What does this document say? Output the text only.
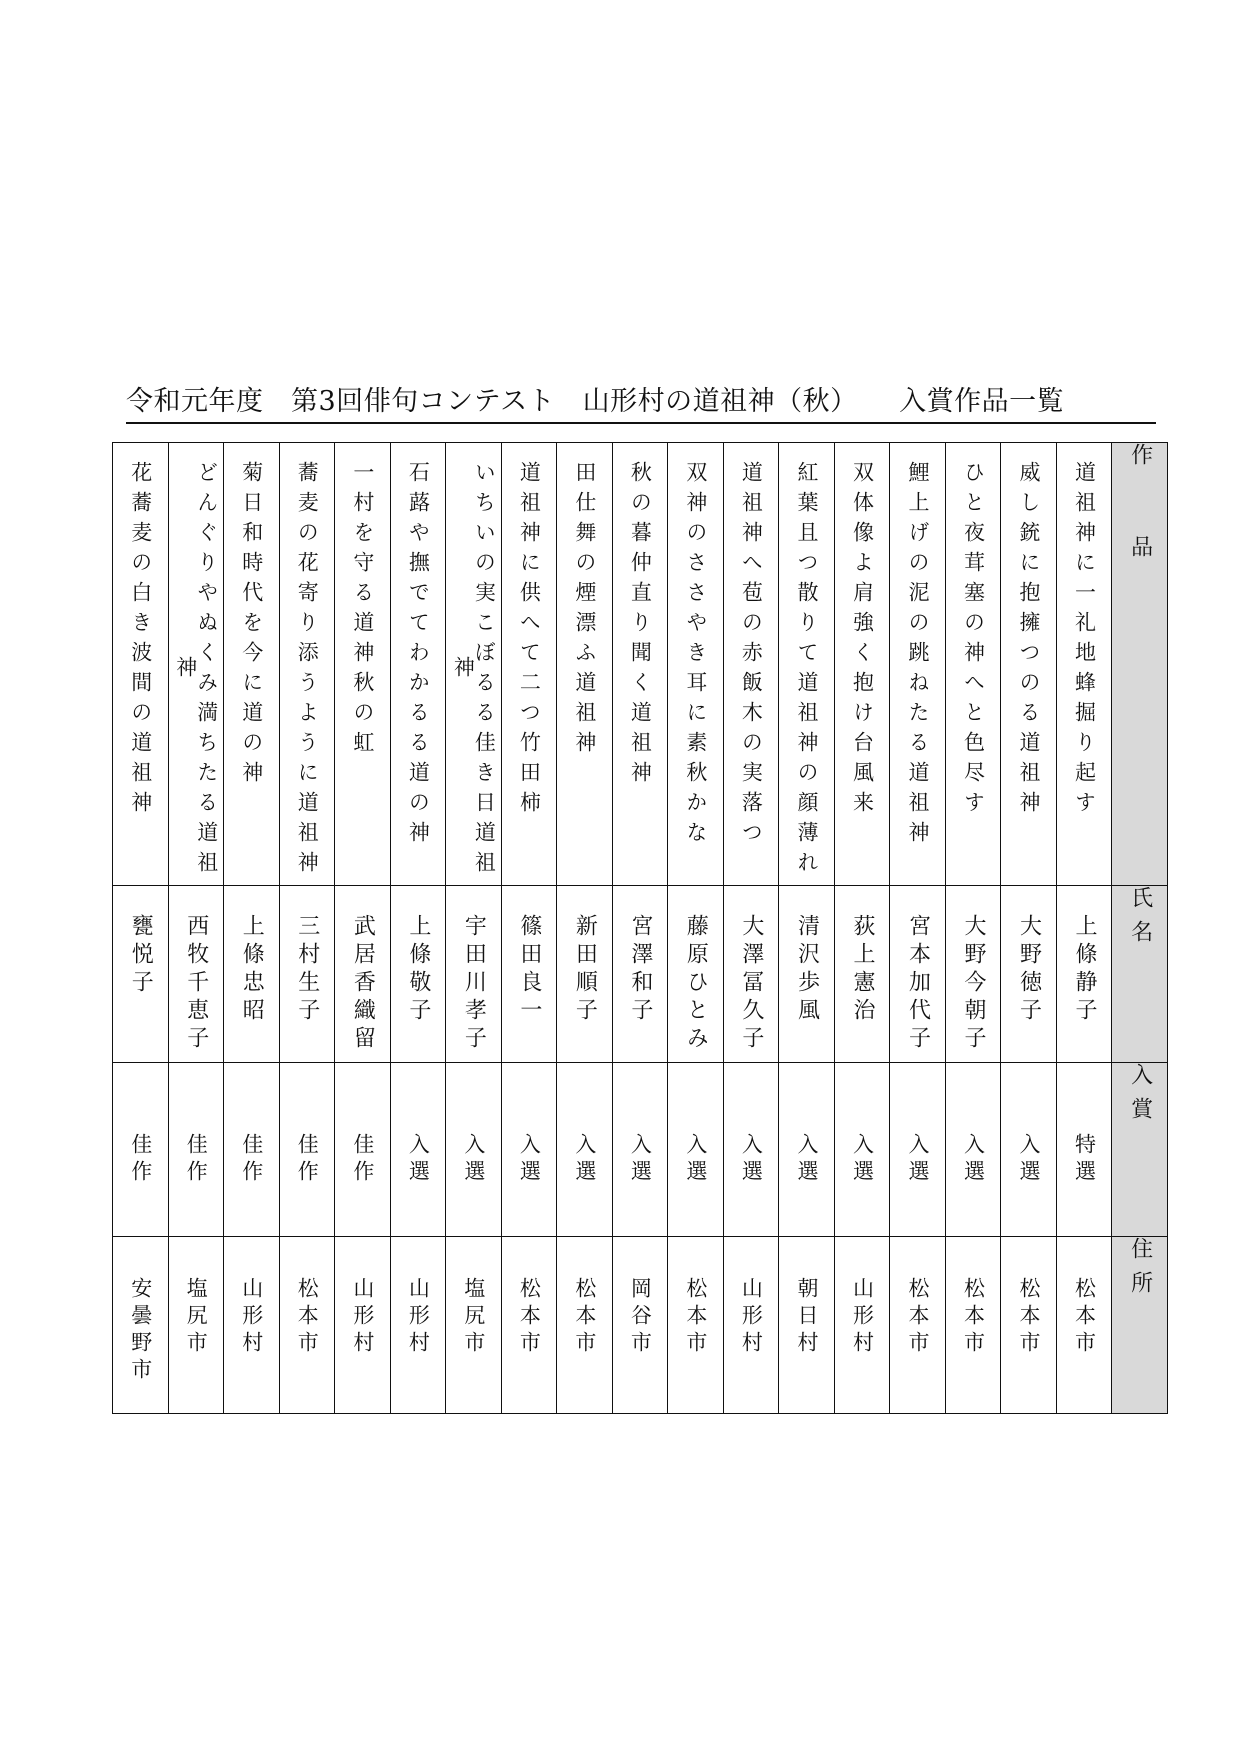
令和元年度　第3回俳句コンテスト　山形村の道祖神（秋）　　入賞作品一覧
花蕎麦の白き波間の道祖神	どんぐりやぬくみ満ちたる道祖神	菊日和時代を今に道の神	蕎麦の花寄り添うように道祖神	一村を守る道神秋の虹	石蕗や撫でてわかるる道の神	いちいの実こぼるる佳き日道祖神	道祖神に供へて二つ竹田柿	田仕舞の煙漂ふ道祖神	秋の暮仲直り聞く道祖神	双神のささやき耳に素秋かな	道祖神へ苞の赤飯木の実落つ	紅葉且つ散りて道祖神の顔薄れ	双体像よ肩強く抱け台風来	鯉上げの泥の跳ねたる道祖神	ひと夜茸塞の神へと色尽す	威し銃に抱擁つのる道祖神	道祖神に一礼地蜂掘り起す	作品
甕悦子	西牧千恵子	上條忠昭	三村生子	武居香織留	上條敬子	宇田川孝子	篠田良一	新田順子	宮澤和子	藤原ひとみ	大澤冨久子	清沢歩風	荻上憲治	宮本加代子	大野今朝子	大野徳子	上條静子	氏名
佳作	佳作	佳作	佳作	佳作	入選	入選	入選	入選	入選	入選	入選	入選	入選	入選	入選	入選	特選	入賞
安曇野市	塩尻市	山形村	松本市	山形村	山形村	塩尻市	松本市	松本市	岡谷市	松本市	山形村	朝日村	山形村	松本市	松本市	松本市	松本市	住所
